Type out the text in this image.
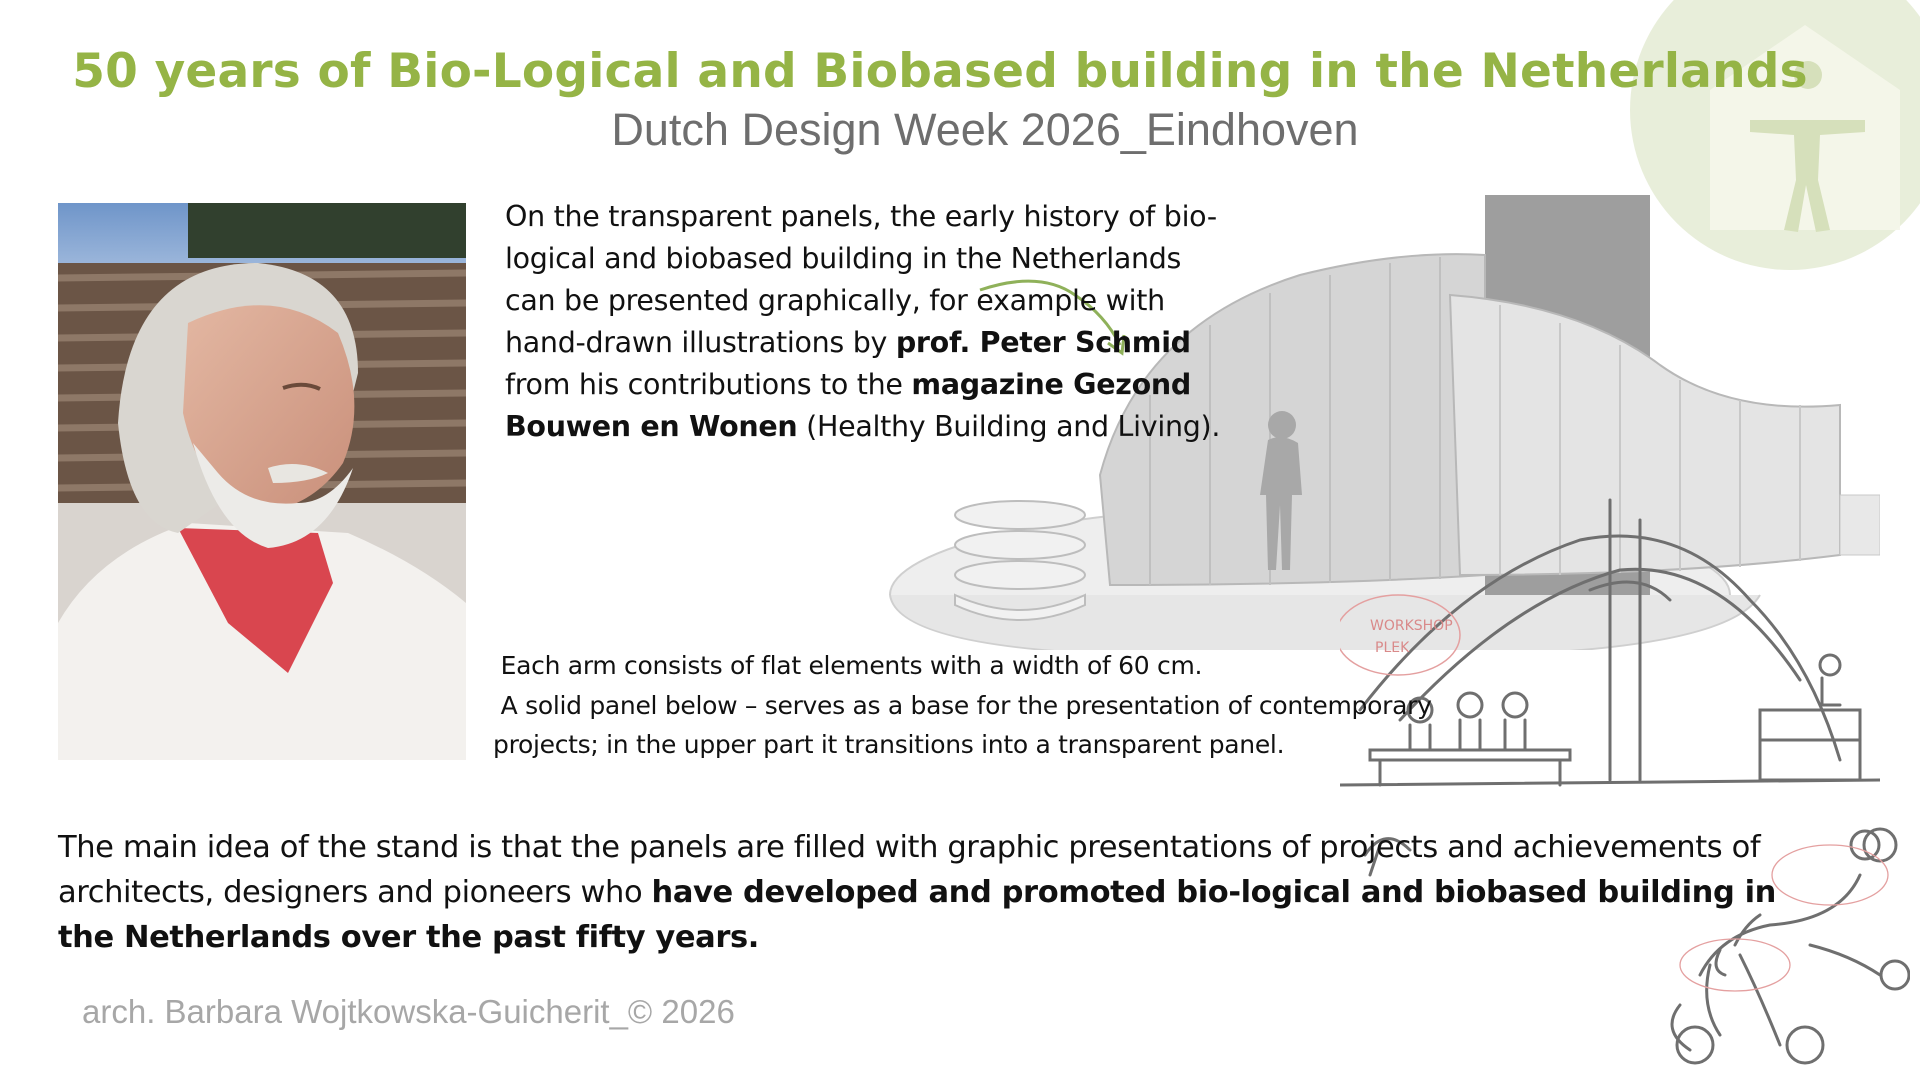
50 years of Bio-Logical and Biobased building in the Netherlands
Dutch Design Week 2026_Eindhoven
WORKSHOP
PLEK
On the transparent panels, the early history of bio-
logical and biobased building in the Netherlands
can be presented graphically, for example with
hand-drawn illustrations by prof. Peter Schmid
from his contributions to the magazine Gezond
Bouwen en Wonen (Healthy Building and Living).
Each arm consists of flat elements with a width of 60 cm.
A solid panel below – serves as a base for the presentation of contemporary
projects; in the upper part it transitions into a transparent panel.
The main idea of the stand is that the panels are filled with graphic presentations of projects and achievements of
architects, designers and pioneers who have developed and promoted bio-logical and biobased building in
the Netherlands over the past fifty years.
arch. Barbara Wojtkowska-Guicherit_© 2026
